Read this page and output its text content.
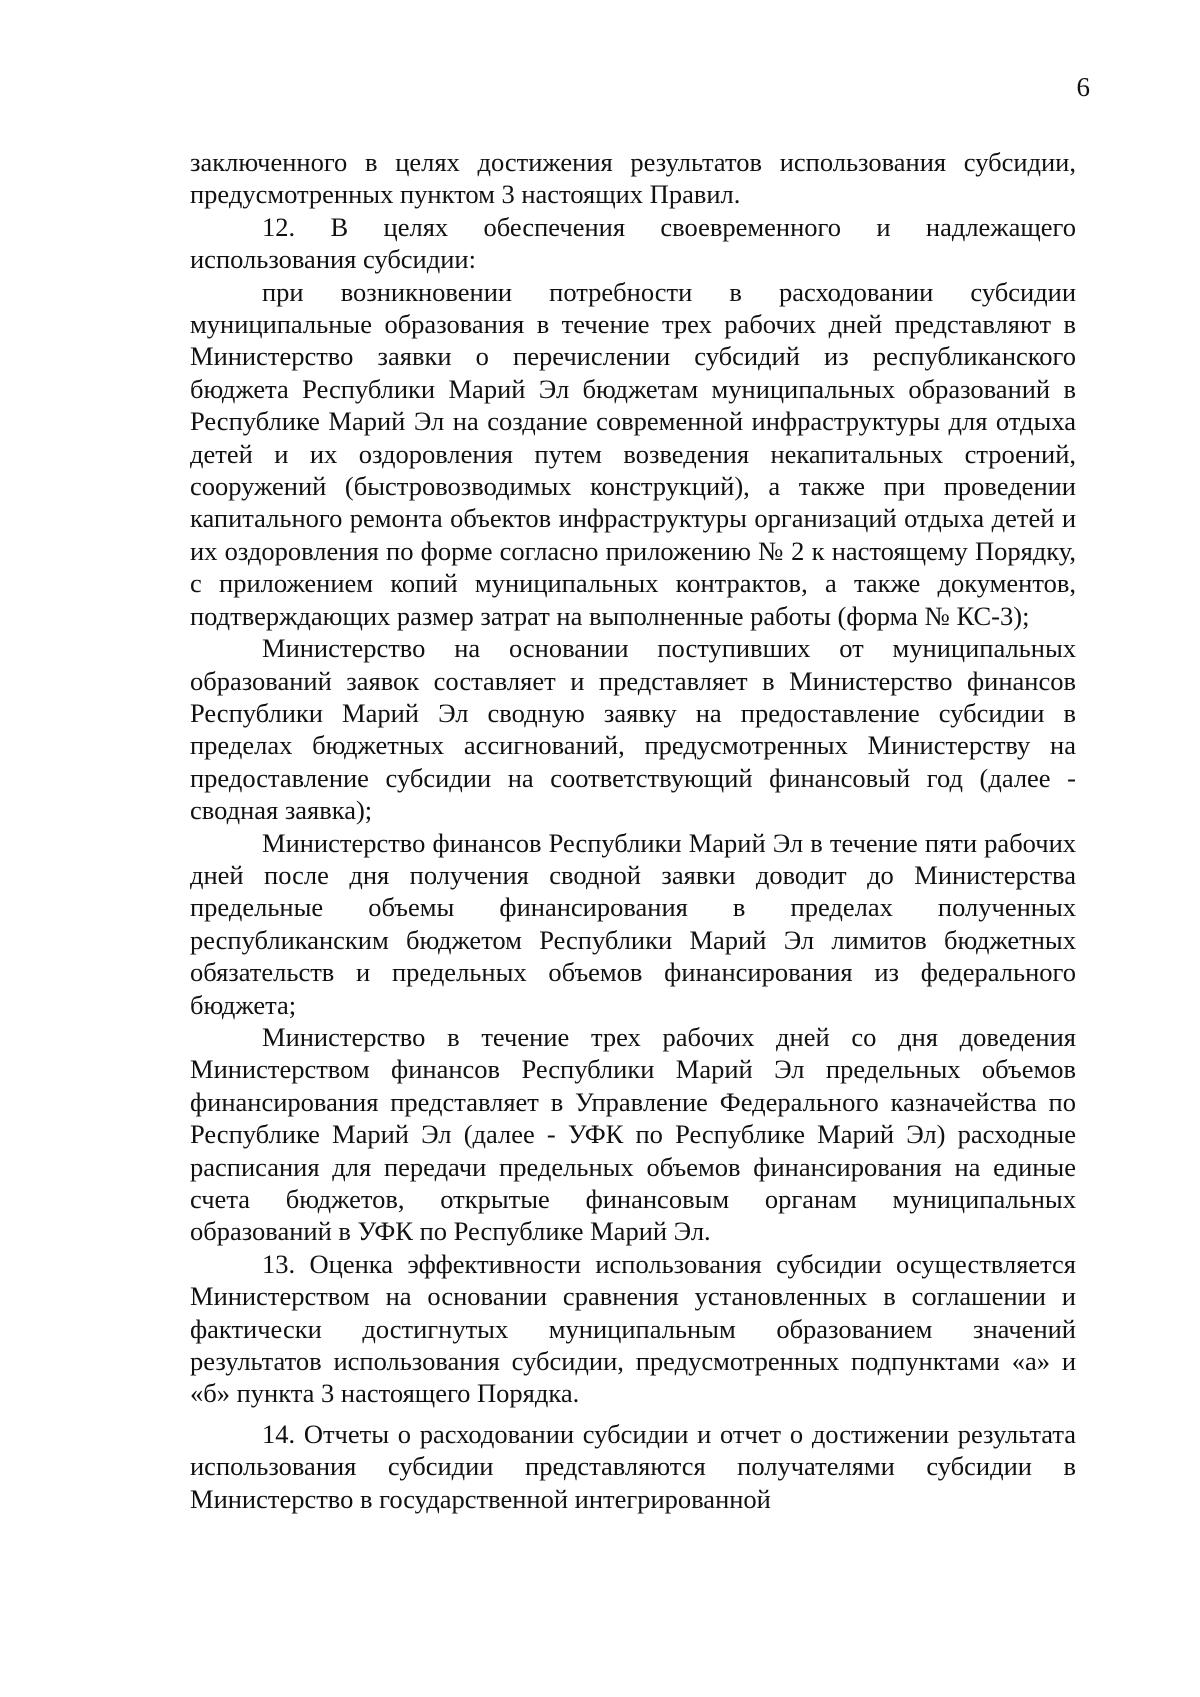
6

заключенного в целях достижения результатов использования субсидии, предусмотренных пунктом 3 настоящих Правил.

12. В целях обеспечения своевременного и надлежащего использования субсидии:

при возникновении потребности в расходовании субсидии муниципальные образования в течение трех рабочих дней представляют в Министерство заявки о перечислении субсидий из республиканского бюджета Республики Марий Эл бюджетам муниципальных образований в Республике Марий Эл на создание современной инфраструктуры для отдыха детей и их оздоровления путем возведения некапитальных строений, сооружений (быстровозводимых конструкций), а также при проведении капитального ремонта объектов инфраструктуры организаций отдыха детей и их оздоровления по форме согласно приложению № 2 к настоящему Порядку, с приложением копий муниципальных контрактов, а также документов, подтверждающих размер затрат на выполненные работы (форма № КС-3);

Министерство на основании поступивших от муниципальных образований заявок составляет и представляет в Министерство финансов Республики Марий Эл сводную заявку на предоставление субсидии в пределах бюджетных ассигнований, предусмотренных Министерству на предоставление субсидии на соответствующий финансовый год (далее - сводная заявка);

Министерство финансов Республики Марий Эл в течение пяти рабочих дней после дня получения сводной заявки доводит до Министерства предельные объемы финансирования в пределах полученных республиканским бюджетом Республики Марий Эл лимитов бюджетных обязательств и предельных объемов финансирования из федерального бюджета;

Министерство в течение трех рабочих дней со дня доведения Министерством финансов Республики Марий Эл предельных объемов финансирования представляет в Управление Федерального казначейства по Республике Марий Эл (далее - УФК по Республике Марий Эл) расходные расписания для передачи предельных объемов финансирования на единые счета бюджетов, открытые финансовым органам муниципальных образований в УФК по Республике Марий Эл.

13. Оценка эффективности использования субсидии осуществляется Министерством на основании сравнения установленных в соглашении и фактически достигнутых муниципальным образованием значений результатов использования субсидии, предусмотренных подпунктами «а» и «б» пункта 3 настоящего Порядка.

14. Отчеты о расходовании субсидии и отчет о достижении результата использования субсидии представляются получателями субсидии в Министерство в государственной интегрированной
